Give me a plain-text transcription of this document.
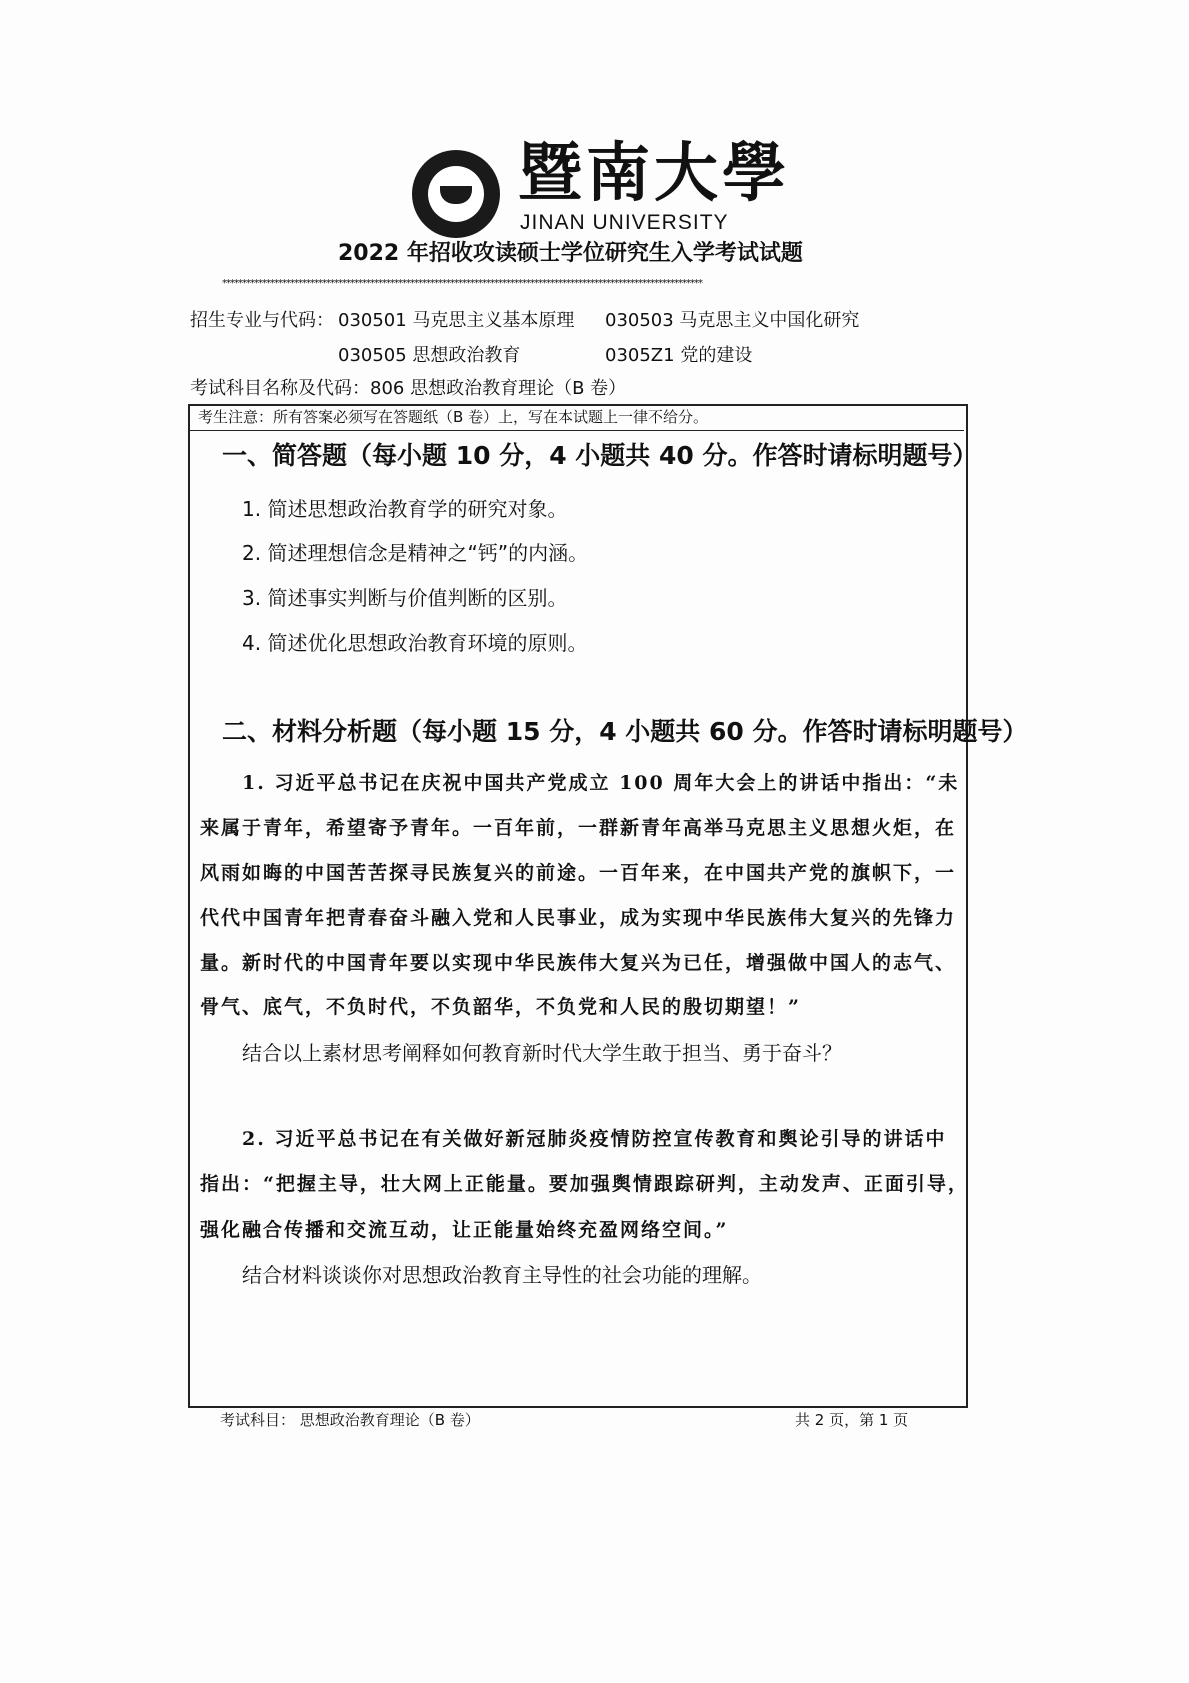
暨南大學
JINAN UNIVERSITY
2022 年招收攻读硕士学位研究生入学考试试题
************************************************************************************************************************
招生专业与代码： 030501 马克思主义基本原理 030503 马克思主义中国化研究
030505 思想政治教育	0305Z1 党的建设
考试科目名称及代码：806 思想政治教育理论（B 卷）
考生注意：所有答案必须写在答题纸（B 卷）上，写在本试题上一律不给分。
一、简答题（每小题 10 分，4 小题共 40 分。作答时请标明题号）
1. 简述思想政治教育学的研究对象。
2. 简述理想信念是精神之“钙”的内涵。
3. 简述事实判断与价值判断的区别。
4. 简述优化思想政治教育环境的原则。
二、材料分析题（每小题 15 分，4 小题共 60 分。作答时请标明题号）
1. 习近平总书记在庆祝中国共产党成立 100 周年大会上的讲话中指出：“未
来属于青年，希望寄予青年。一百年前，一群新青年高举马克思主义思想火炬，在
风雨如晦的中国苦苦探寻民族复兴的前途。一百年来，在中国共产党的旗帜下，一
代代中国青年把青春奋斗融入党和人民事业，成为实现中华民族伟大复兴的先锋力
量。新时代的中国青年要以实现中华民族伟大复兴为已任，增强做中国人的志气、
骨气、底气，不负时代，不负韶华，不负党和人民的殷切期望！”
结合以上素材思考阐释如何教育新时代大学生敢于担当、勇于奋斗？
2. 习近平总书记在有关做好新冠肺炎疫情防控宣传教育和舆论引导的讲话中
指出：“把握主导，壮大网上正能量。要加强舆情跟踪研判，主动发声、正面引导，
强化融合传播和交流互动，让正能量始终充盈网络空间。”
结合材料谈谈你对思想政治教育主导性的社会功能的理解。
考试科目： 思想政治教育理论（B 卷）	共 2 页，第 1 页
